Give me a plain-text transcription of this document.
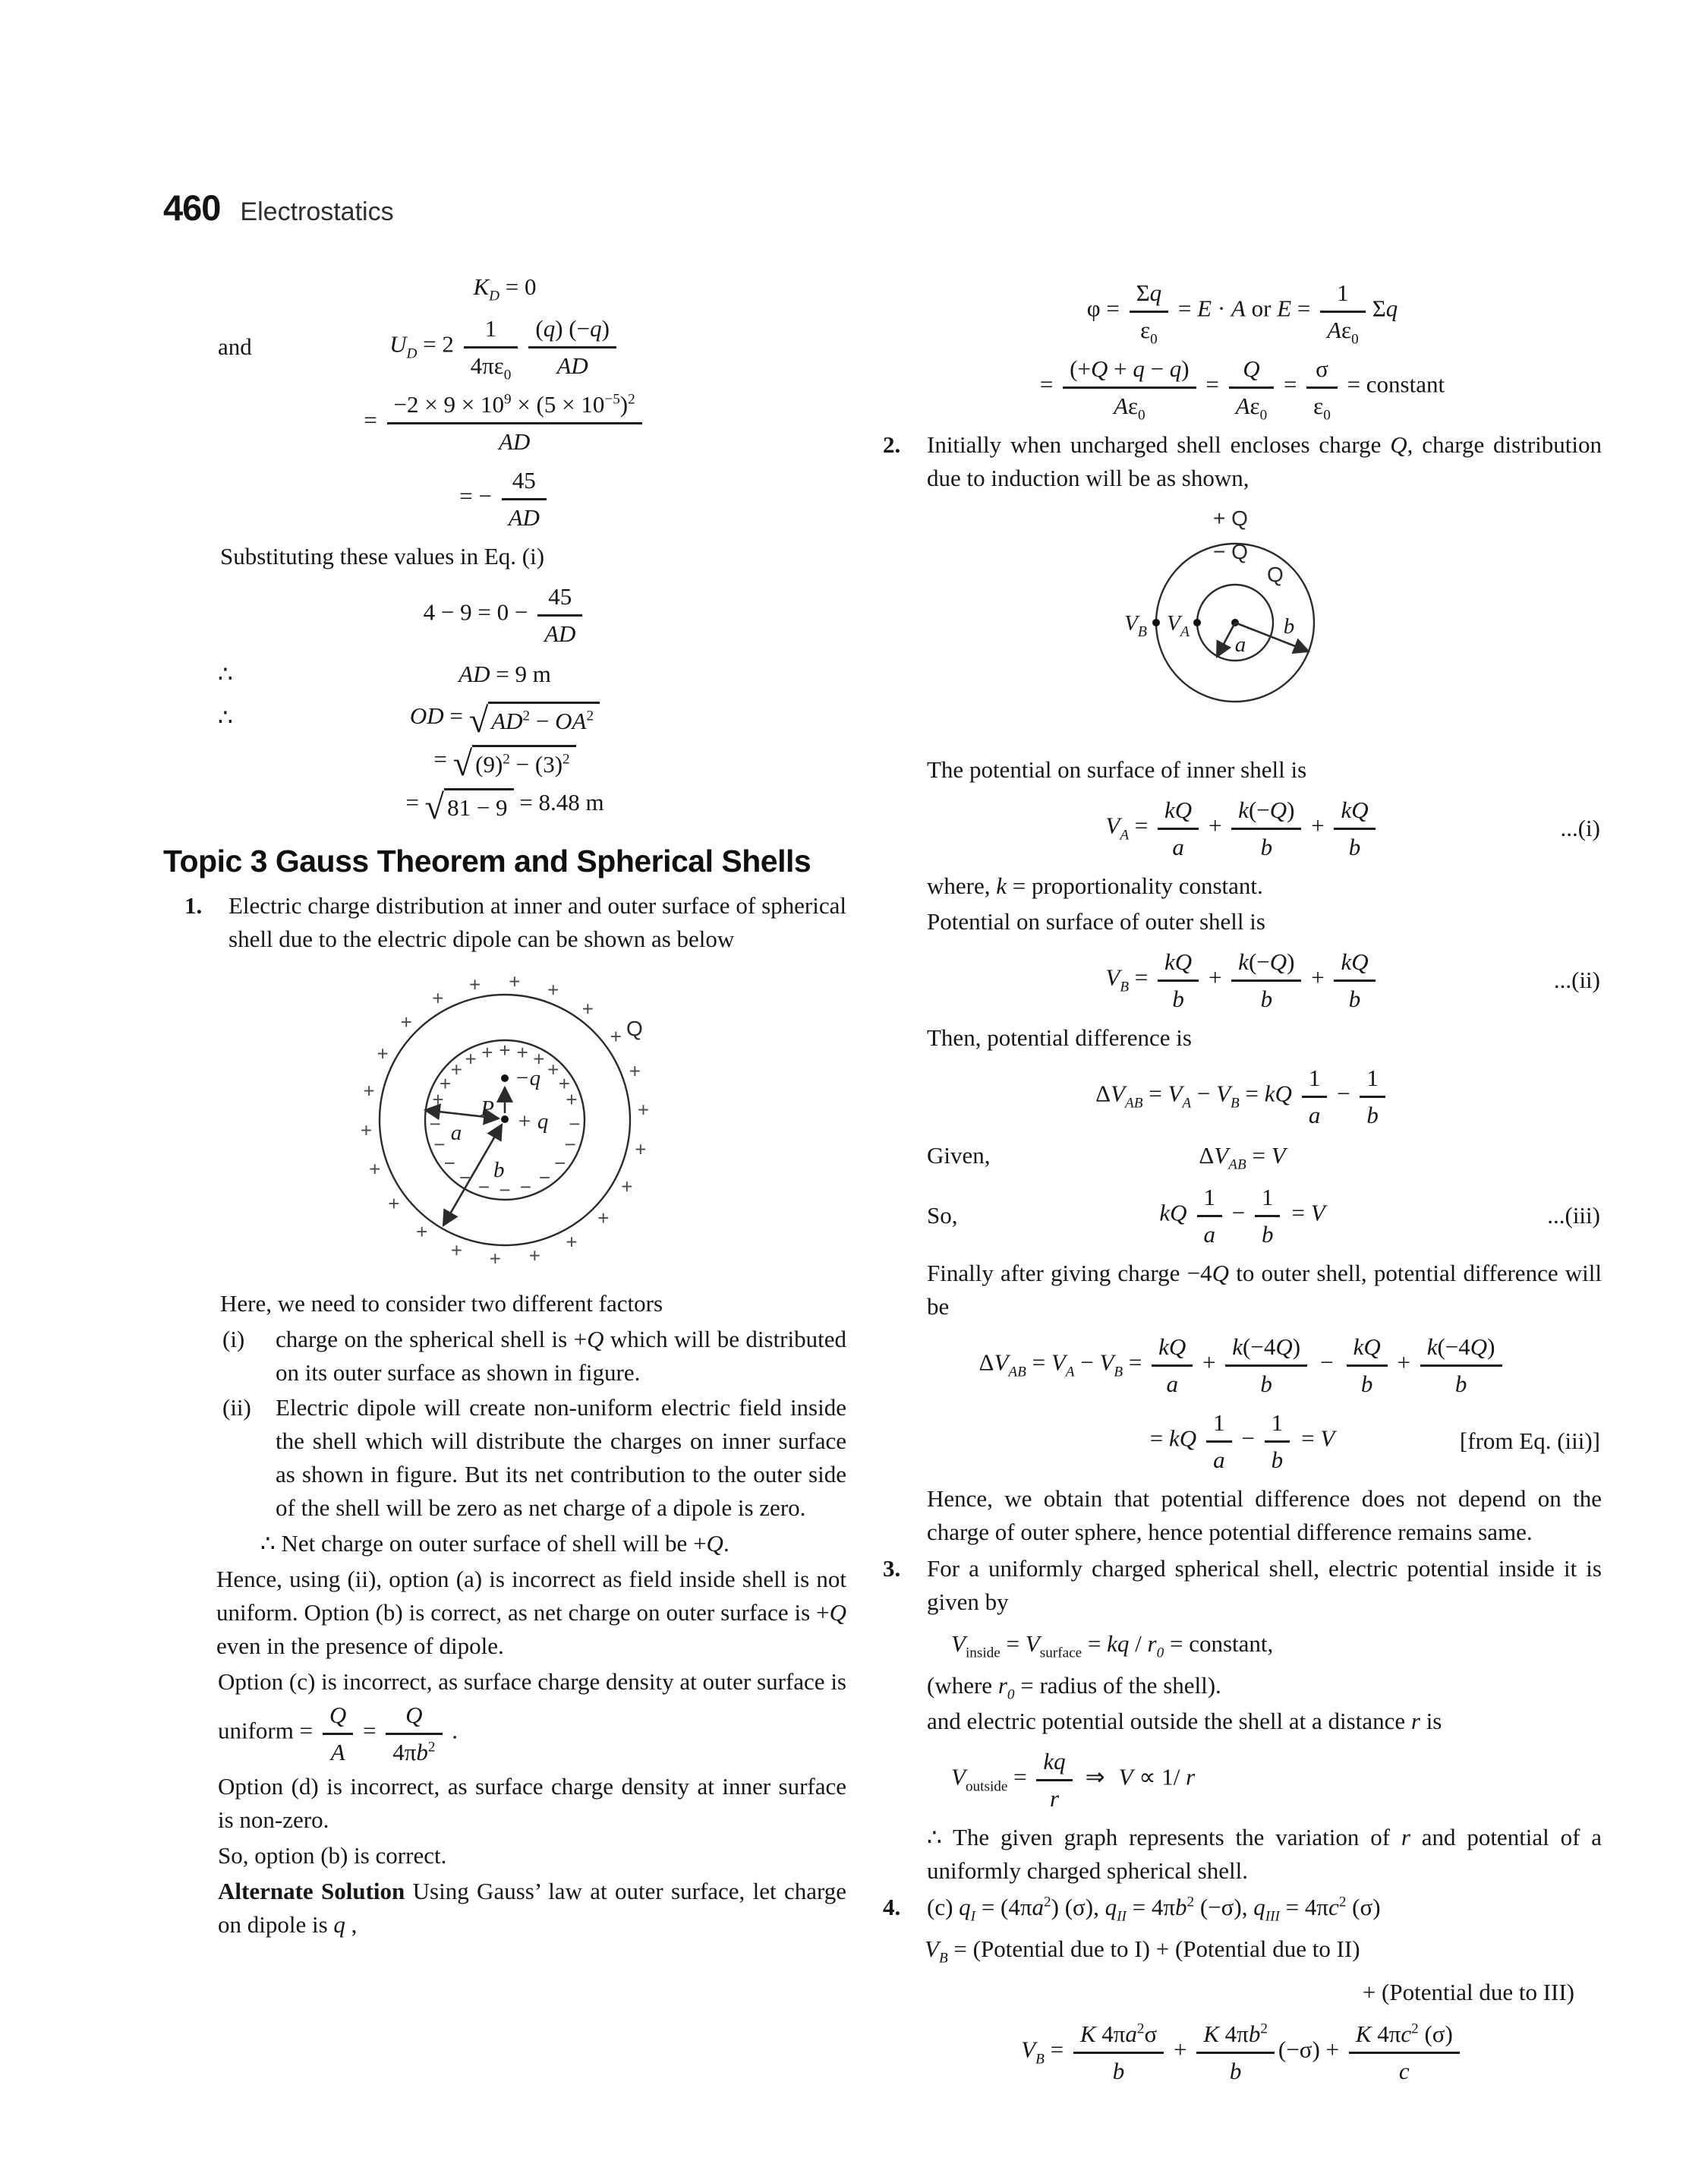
460 Electrostatics
$K_D = 0$
and	$U_D = 2 \frac{1}{4\pi\varepsilon_0} \frac{(q) (-q)}{AD}$
= $\frac{-2 \times 9 \times 10^9 \times (5 \times 10^{-5})^2}{AD}$
= − $\frac{45}{AD}$
Substituting these values in Eq. (i)
$4 - 9 = 0 - \frac{45}{AD}$
∴	AD = 9 m
∴	OD = √ $AD^2 - OA^2$
= √ $(9)^2 - (3)^2$
= √ 81 − 9 = 8.48 m
Topic 3 Gauss Theorem and Spherical Shells
1.	Electric charge distribution at inner and outer surface of spherical shell due to the electric dipole can be shown as below
+ +
+
+
+
+
+
+
+
+
+
+
+
+
+
+
+
+
+
+
+
+
+
+
+ + + + + + +
+
+
−
−
−
−
−
−
−
−
−
−
−
P
−q
+ q
a
b
Q
Here, we need to consider two different factors
(i)	charge on the spherical shell is +Q which will be distributed on its outer surface as shown in figure.
(ii)	Electric dipole will create non-uniform electric field inside the shell which will distribute the charges on inner surface as shown in figure. But its net contribution to the outer side of the shell will be zero as net charge of a dipole is zero.
∴ Net charge on outer surface of shell will be +Q.
Hence, using (ii), option (a) is incorrect as field inside shell is not uniform. Option (b) is correct, as net charge on outer surface is +Q even in the presence of dipole.
Option (c) is incorrect, as surface charge density at outer surface is uniform = $\frac{Q}{A} = \frac{Q}{4\pi b^2}$ .
Option (d) is incorrect, as surface charge density at inner surface is non-zero.
So, option (b) is correct.
Alternate Solution Using Gauss’ law at outer surface, let charge on dipole is q ,
$\varphi = \frac{\Sigma q}{\varepsilon_0} = E \cdot A$ or $E = \frac{1}{A\varepsilon_0}$ Σq
= $\frac{(+Q + q - q)}{A\varepsilon_0} = \frac{Q}{A\varepsilon_0} = \frac{\sigma}{\varepsilon_0}$ = constant
2.	Initially when uncharged shell encloses charge Q, charge distribution due to induction will be as shown,
+ Q
− Q
Q
$V_B$ $V_A$
a
b
The potential on surface of inner shell is
$V_A = \frac{kQ}{a} + \frac{k(-Q)}{b} + \frac{kQ}{b}$	...(i)
where, k = proportionality constant.
Potential on surface of outer shell is
$V_B = \frac{kQ}{b} + \frac{k(-Q)}{b} + \frac{kQ}{b}$	...(ii)
Then, potential difference is
$\Delta V_{AB} = V_A - V_B$ = kQ $\frac{1}{a} - \frac{1}{b}$
Given,	$\Delta V_{AB} = V$
So,	kQ $\frac{1}{a} - \frac{1}{b} = V$	...(iii)
Finally after giving charge −4Q to outer shell, potential difference will be
$\Delta V_{AB} = V_A - V_B = \frac{kQ}{a} + \frac{k(-4Q)}{b} - \frac{kQ}{b} + \frac{k(-4Q)}{b}$
= kQ $\frac{1}{a} - \frac{1}{b} = V$	[from Eq. (iii)]
Hence, we obtain that potential difference does not depend on the charge of outer sphere, hence potential difference remains same.
3.	For a uniformly charged spherical shell, electric potential inside it is given by
$V_{inside} = V_{surface}$ = kq / $r_0$ = constant,
(where $r_0$ = radius of the shell).
and electric potential outside the shell at a distance r is
$V_{outside} = \frac{kq}{r}$ ⇒ V ∝ 1/ r
∴ The given graph represents the variation of r and potential of a uniformly charged spherical shell.
4.	(c) $q_I = (4\pi a^2)$ (σ), $q_{II} = 4\pi b^2$ (−σ), $q_{III} = 4\pi c^2$ (σ)
$V_B$ = (Potential due to I) + (Potential due to II)
+ (Potential due to III)
$V_B = \frac{K 4\pi a^2\sigma}{b} + \frac{K 4\pi b^2}{b} (-\sigma) + \frac{K 4\pi c^2 (\sigma)}{c}$
